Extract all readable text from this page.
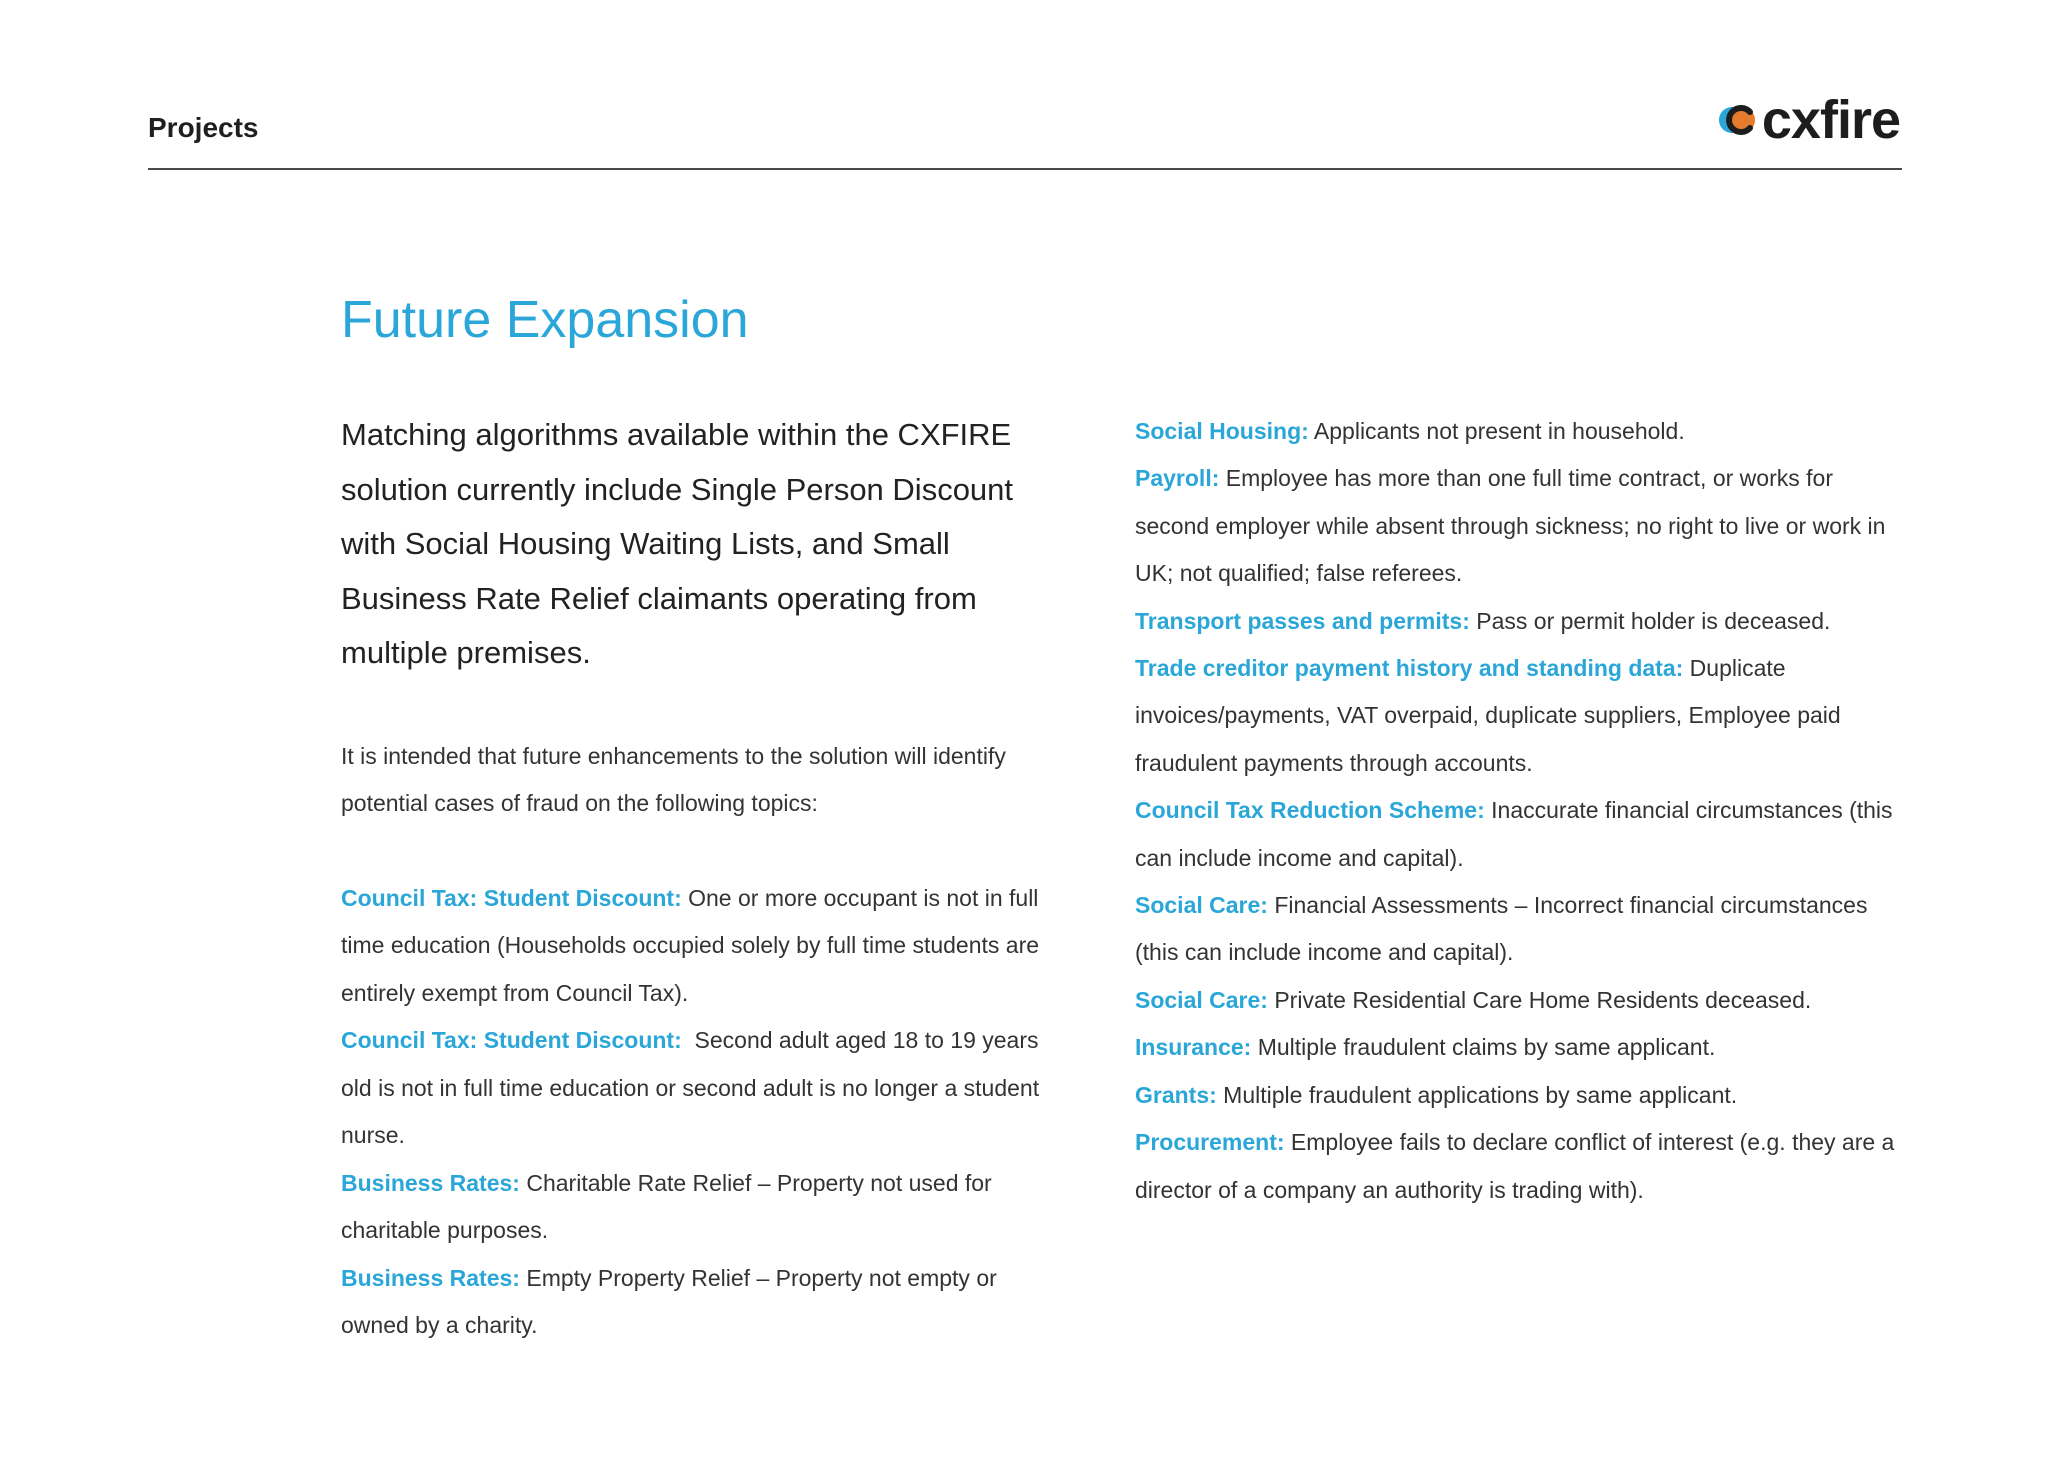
Projects	cxfire
Future Expansion

Matching algorithms available within the CXFIRE solution currently include Single Person Discount with Social Housing Waiting Lists, and Small Business Rate Relief claimants operating from multiple premises.

It is intended that future enhancements to the solution will identify potential cases of fraud on the following topics:

Council Tax: Student Discount: One or more occupant is not in full time education (Households occupied solely by full time students are entirely exempt from Council Tax).

Council Tax: Student Discount:  Second adult aged 18 to 19 years old is not in full time education or second adult is no longer a student nurse.

Business Rates: Charitable Rate Relief – Property not used for charitable purposes.

Business Rates: Empty Property Relief – Property not empty or owned by a charity.

Social Housing: Applicants not present in household.

Payroll: Employee has more than one full time contract, or works for second employer while absent through sickness; no right to live or work in UK; not qualified; false referees.

Transport passes and permits: Pass or permit holder is deceased.

Trade creditor payment history and standing data: Duplicate invoices/payments, VAT overpaid, duplicate suppliers, Employee paid fraudulent payments through accounts.

Council Tax Reduction Scheme: Inaccurate financial circumstances (this can include income and capital).

Social Care: Financial Assessments – Incorrect financial circumstances (this can include income and capital).

Social Care: Private Residential Care Home Residents deceased.

Insurance: Multiple fraudulent claims by same applicant.

Grants: Multiple fraudulent applications by same applicant.

Procurement: Employee fails to declare conflict of interest (e.g. they are a director of a company an authority is trading with).
